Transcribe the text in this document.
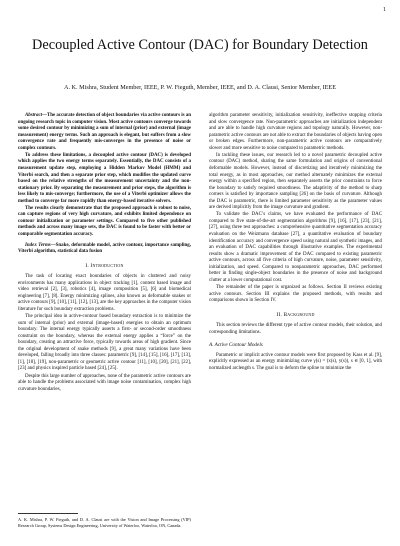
1
Decoupled Active Contour (DAC) for Boundary Detection
A. K. Mishra, Student Member, IEEE, P. W. Fieguth, Member, IEEE, and D. A. Clausi, Senior Member, IEEE

Abstract—The accurate detection of object boundaries via active contours is an ongoing research topic in computer vision. Most active contours converge towards some desired contour by minimizing a sum of internal (prior) and external (image measurement) energy terms. Such an approach is elegant, but suffers from a slow convergence rate and frequently mis-converges in the presence of noise or complex contours.

To address these limitations, a decoupled active contour (DAC) is developed which applies the two energy terms separately. Essentially, the DAC consists of a measurement update step, employing a Hidden Markov Model (HMM) and Viterbi search, and then a separate prior step, which modifies the updated curve based on the relative strengths of the measurement uncertainty and the non-stationary prior. By separating the measurement and prior steps, the algorithm is less likely to mis-converge; furthermore, the use of a Viterbi optimizer allows the method to converge far more rapidly than energy-based iterative solvers.

The results clearly demonstrate that the proposed approach is robust to noise, can capture regions of very high curvature, and exhibits limited dependence on contour initialization or parameter settings. Compared to five other published methods and across many image sets, the DAC is found to be faster with better or comparable segmentation accuracy.

Index Terms—Snake, deformable model, active contour, importance sampling, Viterbi algorithm, statistical data fusion

I. Introduction

The task of locating exact boundaries of objects in cluttered and noisy environments has many applications in object tracking [1], content based image and video retrieval [2], [3], robotics [4], image composition [5], [6] and biomedical engineering [7], [8]. Energy minimizing splines, also known as deformable snakes or active contours [9], [10], [11], [12], [13], are the key approaches in the computer vision literature for such boundary extraction problems.

The principal idea in active-contour based boundary extraction is to minimize the sum of internal (prior) and external (image-based) energies to obtain an optimum boundary. The internal energy typically asserts a first- or second-order smoothness constraint on the boundary, whereas the external energy applies a “force” on the boundary, creating an attractive force, typically towards areas of high gradient. Since the original development of snake methods [9], a great many variations have been developed, falling broadly into three classes: parametric [9], [14], [15], [16], [17], [13], [1], [18], [19], non-parametric or geometric active contour [11], [10], [20], [21], [22], [23] and physics inspired particle based [24], [25].

Despite this large number of approaches, none of the parametric active contours are able to handle the problems associated with image noise contamination, complex high curvature boundaries,

A. K. Mishra, P. W. Fieguth, and D. A. Clausi are with the Vision and Image Processing (VIP) Research Group, Systems Design Engineering, University of Waterloo, Waterloo, ON, Canada.

algorithm parameter sensitivity, initialization sensitivity, ineffective stopping criteria and slow convergence rate. Non-parametric approaches are initialization independent and are able to handle high curvature regions and topology naturally. However, non-parametric active contours are not able to extract the boundaries of objects having open or broken edges. Furthermore, non-parametric active contours are comparatively slower and more sensitive to noise compared to parametric methods.

In tackling these issues, our research led to a novel parametric decoupled active contour (DAC) method, sharing the same formulation and origins of conventional deformable models. However, instead of discretizing and iteratively minimizing the total energy, as in most approaches, our method alternately minimizes the external energy within a specified region, then separately asserts the prior constraints to force the boundary to satisfy required smoothness. The adaptivity of the method to sharp corners is satisfied by importance sampling [26] on the basis of curvature. Although the DAC is parametric, there is limited parameter sensitivity as the parameter values are derived implicitly from the image curvature and gradient.

To validate the DAC’s claims, we have evaluated the performance of DAC compared to five state-of-the-art segmentation algorithms [9], [16], [17], [23], [21], [27], using three test approaches: a comprehensive quantitative segmentation accuracy evaluation on the Weizmann database [27], a quantitative evaluation of boundary identification accuracy and convergence speed using natural and synthetic images, and an evaluation of DAC capabilities through illustrative examples. The experimental results show a dramatic improvement of the DAC compared to existing parametric active contours, across all five criteria of high curvature, noise, parameter sensitivity, initialization, and speed. Compared to nonparametric approaches, DAC performed better in finding single-object boundaries in the presence of noise and background clutter at a lower computational cost.

The remainder of the paper is organized as follows. Section II reviews existing active contours. Section III explains the proposed methods, with results and comparisons shown in Section IV.

II. Background

This section reviews the different type of active contour models, their solution, and corresponding limitations.

A. Active Contour Models

Parametric or implicit active contour models were first proposed by Kass et al. [9], explicitly expressed as an energy minimizing curve γ(s) = (x(s), y(s)), s ∈ [0, 1], with normalized arclength s. The goal is to deform the spline to minimize the
